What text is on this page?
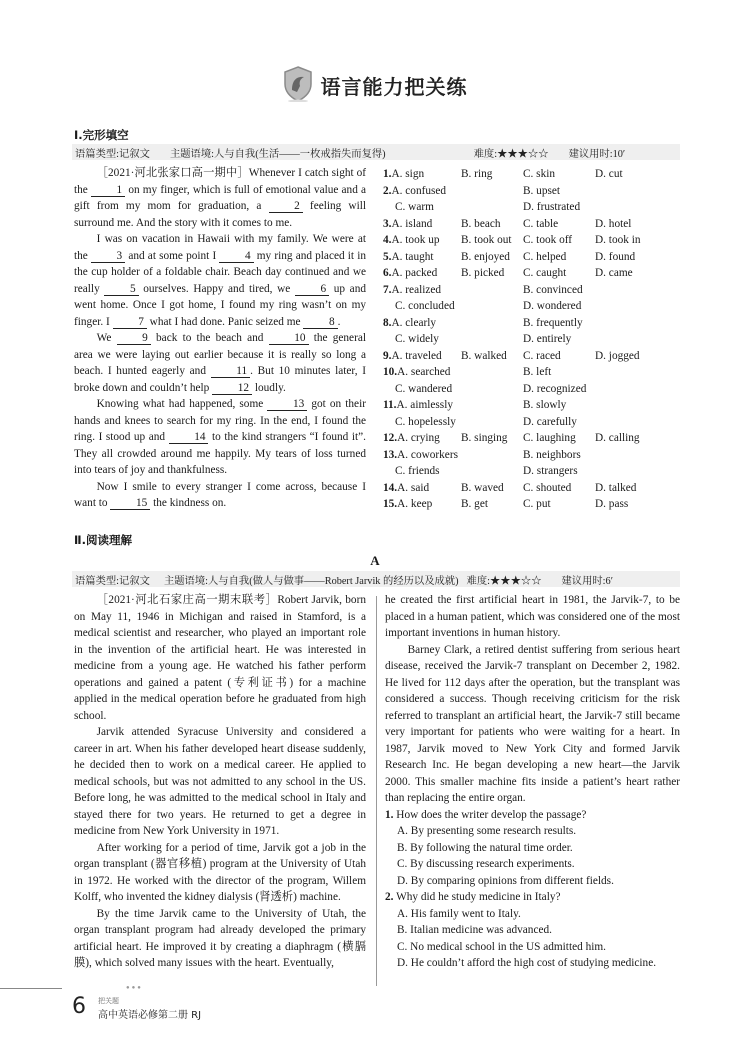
语言能力把关练
Ⅰ.完形填空
语篇类型:记叙文 主题语境:人与自我(生活——一枚戒指失而复得)	难度:★★★☆☆ 建议用时:10′

［2021·河北张家口高一期中］Whenever I catch sight of the 1 on my finger, which is full of emotional value and a gift from my mom for graduation, a 2 feeling will surround me. And the story with it comes to me.

I was on vacation in Hawaii with my family. We were at the 3 and at some point I 4 my ring and placed it in the cup holder of a foldable chair. Beach day continued and we really 5 ourselves. Happy and tired, we 6 up and went home. Once I got home, I found my ring wasn’t on my finger. I 7 what I had done. Panic seized me 8 .

We 9 back to the beach and 10 the general area we were laying out earlier because it is really so long a beach. I hunted eagerly and 11 . But 10 minutes later, I broke down and couldn’t help 12 loudly.

Knowing what had happened, some 13 got on their hands and knees to search for my ring. In the end, I found the ring. I stood up and 14 to the kind strangers “I found it”. They all crowded around me happily. My tears of loss turned into tears of joy and thankfulness.

Now I smile to every stranger I come across, because I want to 15 the kindness on.

1.A. sign	B. ring	C. skin	D. cut
2.A. confused	B. upset
C. warm	D. frustrated
3.A. island	B. beach	C. table	D. hotel
4.A. took up	B. took out	C. took off	D. took in
5.A. taught	B. enjoyed	C. helped	D. found
6.A. packed	B. picked	C. caught	D. came
7.A. realized	B. convinced
C. concluded	D. wondered
8.A. clearly	B. frequently
C. widely	D. entirely
9.A. traveled	B. walked	C. raced	D. jogged
10.A. searched	B. left
C. wandered	D. recognized
11.A. aimlessly	B. slowly
C. hopelessly	D. carefully
12.A. crying	B. singing	C. laughing	D. calling
13.A. coworkers	B. neighbors
C. friends	D. strangers
14.A. said	B. waved	C. shouted	D. talked
15.A. keep	B. get	C. put	D. pass
Ⅱ.阅读理解
A
语篇类型:记叙文 主题语境:人与自我(做人与做事——Robert Jarvik 的经历以及成就) 难度:★★★☆☆ 建议用时:6′

［2021·河北石家庄高一期末联考］Robert Jarvik, born on May 11, 1946 in Michigan and raised in Stamford, is a medical scientist and researcher, who played an important role in the invention of the artificial heart. He was interested in medicine from a young age. He watched his father perform operations and gained a patent (专利证书) for a machine applied in the medical operation before he graduated from high school.

Jarvik attended Syracuse University and considered a career in art. When his father developed heart disease suddenly, he decided then to work on a medical career. He applied to medical schools, but was not admitted to any school in the US. Before long, he was admitted to the medical school in Italy and stayed there for two years. He returned to get a degree in medicine from New York University in 1971.

After working for a period of time, Jarvik got a job in the organ transplant (器官移植) program at the University of Utah in 1972. He worked with the director of the program, Willem Kolff, who invented the kidney dialysis (肾透析) machine.

By the time Jarvik came to the University of Utah, the organ transplant program had already developed the primary artificial heart. He improved it by creating a diaphragm (横膈膜), which solved many issues with the heart. Eventually,

he created the first artificial heart in 1981, the Jarvik-7, to be placed in a human patient, which was considered one of the most important inventions in human history.

Barney Clark, a retired dentist suffering from serious heart disease, received the Jarvik-7 transplant on December 2, 1982. He lived for 112 days after the operation, but the transplant was considered a success. Though receiving criticism for the risk referred to transplant an artificial heart, the Jarvik-7 still became very important for patients who were waiting for a heart. In 1987, Jarvik moved to New York City and formed Jarvik Research Inc. He began developing a new heart—the Jarvik 2000. This smaller machine fits inside a patient’s heart rather than replacing the entire organ.

1. How does the writer develop the passage?

A. By presenting some research results.

B. By following the natural time order.

C. By discussing research experiments.

D. By comparing opinions from different fields.

2. Why did he study medicine in Italy?

A. His family went to Italy.

B. Italian medicine was advanced.

C. No medical school in the US admitted him.

D. He couldn’t afford the high cost of studying medicine.

●●●
6 把关题
高中英语必修第二册 RJ
